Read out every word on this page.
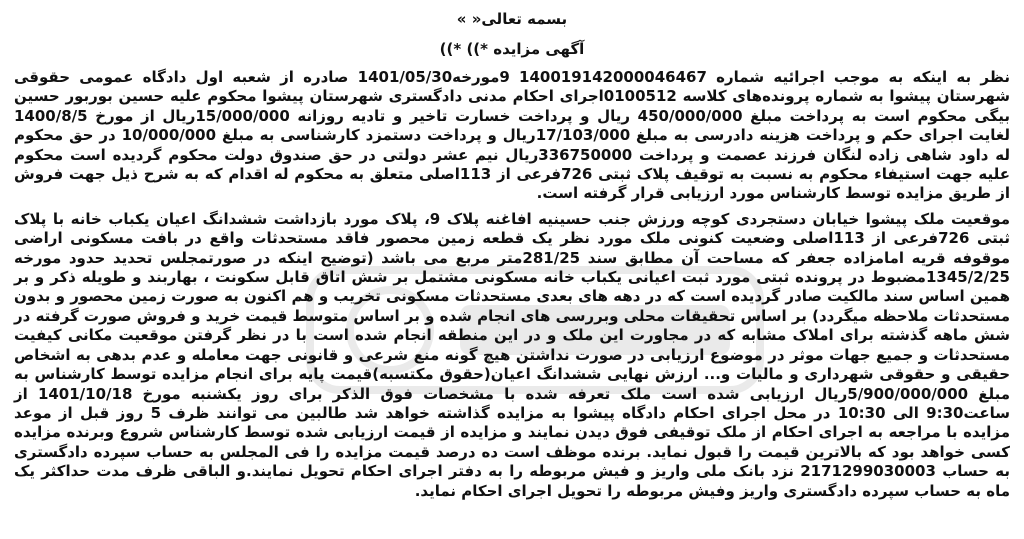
بسمه تعالی« »

آگهی مزایده *)) *))

نظر به اینکه به موجب اجرائیه شماره 140019142000046467 9مورخه1401/05/30 صادره از شعبه اول دادگاه عمومی حقوقی شهرستان پیشوا به شماره پرونده‌های کلاسه 0100512اجرای احکام مدنی دادگستری شهرستان پیشوا محکوم علیه حسین بوربور حسین بیگی محکوم است به پرداخت مبلغ 450/000/000 ریال و پرداخت خسارت تاخیر و تادیه روزانه 15/000/000ریال از مورخ 1400/8/5 لغایت اجرای حکم و پرداخت هزینه دادرسی به مبلغ 17/103/000ریال و پرداخت دستمزد کارشناسی به مبلغ 10/000/000 در حق محکوم له داود شاهی زاده لنگان فرزند عصمت و پرداخت 336750000ریال نیم عشر دولتی در حق صندوق دولت محکوم گردیده است محکوم علیه جهت استیفاء محکوم به نسبت به توقیف پلاک ثبتی 726فرعی از 113اصلی متعلق به محکوم له اقدام که به شرح ذیل جهت فروش از طریق مزایده توسط کارشناس مورد ارزیابی قرار گرفته است.

موقعیت ملک پیشوا خیابان دستجردی کوچه ورزش جنب حسینیه افاغنه پلاک 9، پلاک مورد بازداشت ششدانگ اعیان یکباب خانه با پلاک ثبتی 726فرعی از 113اصلی وضعیت کنونی ملک مورد نظر یک قطعه زمین محصور فاقد مستحدثات واقع در بافت مسکونی اراضی موقوفه قریه امامزاده جعفر که مساحت آن مطابق سند 281/25متر مربع می باشد (توضیح اینکه در صورتمجلس تحدید حدود مورخه 1345/2/25مضبوط در پرونده ثبتی مورد ثبت اعیانی یکباب خانه مسکونی مشتمل بر شش اتاق قابل سکونت ، بهاربند و طویله ذکر و بر همین اساس سند مالکیت صادر گردیده است که در دهه های بعدی مستحدثات مسکونی تخریب و هم اکنون به صورت زمین محصور و بدون مستحدثات ملاحظه میگردد) بر اساس تحقیقات محلی وبررسی های انجام شده و بر اساس متوسط قیمت خرید و فروش صورت گرفته در شش ماهه گذشته برای املاک مشابه که در مجاورت این ملک و در این منطقه انجام شده است با در نظر گرفتن موقعیت مکانی کیفیت مستحدثات و جمیع جهات موثر در موضوع ارزیابی در صورت نداشتن هیچ گونه منع شرعی و قانونی جهت معامله و عدم بدهی به اشخاص حقیقی و حقوقی شهرداری و مالیات و... ارزش نهایی ششدانگ اعیان(حقوق مکتسبه)قیمت پایه برای انجام مزایده توسط کارشناس به مبلغ 5/900/000/000ریال ارزیابی شده است ملک تعرفه شده با مشخصات فوق الذکر برای روز یکشنبه مورخ 1401/10/18 از ساعت9:30 الی 10:30 در محل اجرای احکام دادگاه پیشوا به مزایده گذاشته خواهد شد طالبین می توانند ظرف 5 روز قبل از موعد مزایده با مراجعه به اجرای احکام از ملک توقیفی فوق دیدن نمایند و مزایده از قیمت ارزیابی شده توسط کارشناس شروع وبرنده مزایده کسی خواهد بود که بالاترین قیمت را قبول نماید. برنده موظف است ده درصد قیمت مزایده را فی المجلس به حساب سپرده دادگستری به حساب 2171299030003 نزد بانک ملی واریز و فیش مربوطه را به دفتر اجرای احکام تحویل نمایند.و الباقی ظرف مدت حداکثر یک ماه به حساب سپرده دادگستری واریز وفیش مربوطه را تحویل اجرای احکام نماید.
